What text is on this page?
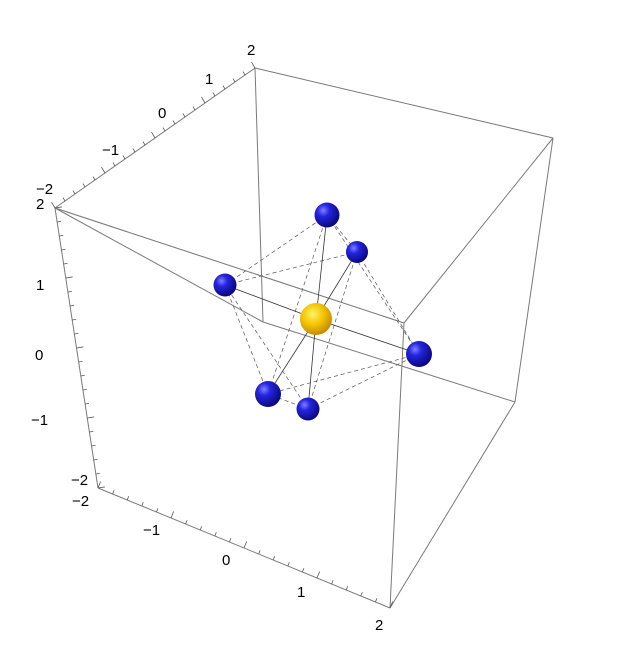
−2
−1
0
1
2
2
1
0
−1
−2
−2
−1
0
1
2
